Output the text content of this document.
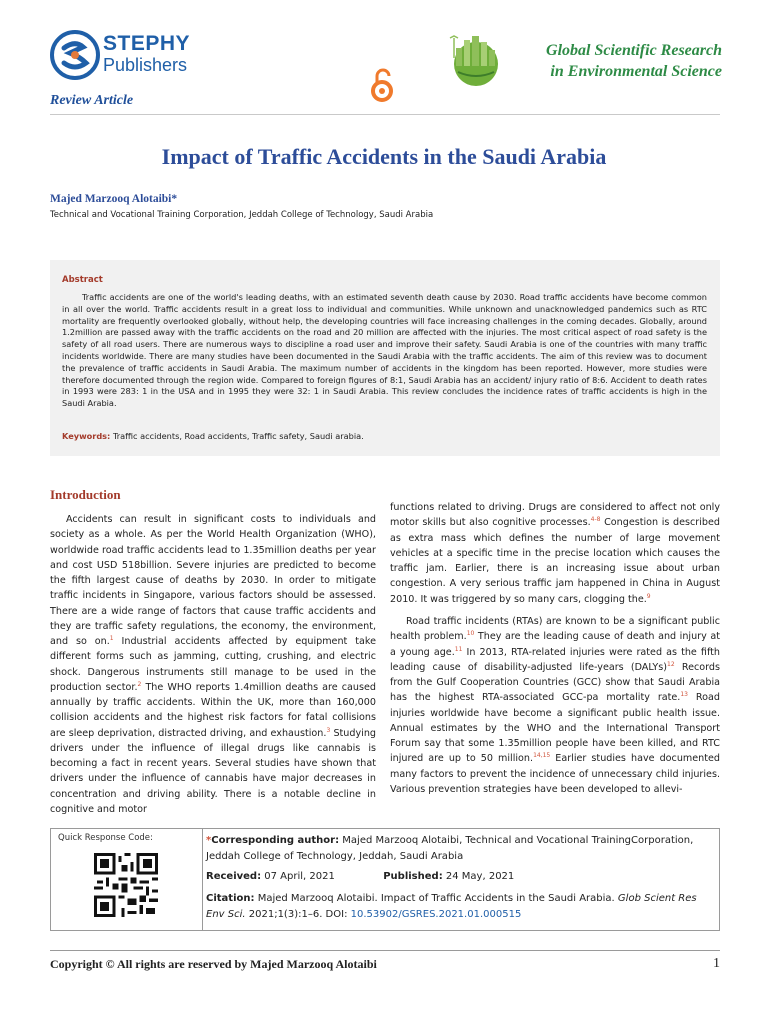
STEPHY
Publishers
Global Scientific Research
in Environmental Science
Review Article
Impact of Traffic Accidents in the Saudi Arabia
Majed Marzooq Alotaibi*
Technical and Vocational Training Corporation, Jeddah College of Technology, Saudi Arabia
Abstract
Traffic accidents are one of the world's leading deaths, with an estimated seventh death cause by 2030. Road traffic accidents have become common in all over the world. Traffic accidents result in a great loss to individual and communities. While unknown and unacknowledged pandemics such as RTC mortality are frequently overlooked globally, without help, the developing countries will face increasing challenges in the coming decades. Globally, around 1.2million are passed away with the traffic accidents on the road and 20 million are affected with the injuries. The most critical aspect of road safety is the safety of all road users. There are numerous ways to discipline a road user and improve their safety. Saudi Arabia is one of the countries with many traffic incidents worldwide. There are many studies have been documented in the Saudi Arabia with the traffic accidents. The aim of this review was to document the prevalence of traffic accidents in Saudi Arabia. The maximum number of accidents in the kingdom has been reported. However, more studies were therefore documented through the region wide. Compared to foreign figures of 8:1, Saudi Arabia has an accident/ injury ratio of 8:6. Accident to death rates in 1993 were 283: 1 in the USA and in 1995 they were 32: 1 in Saudi Arabia. This review concludes the incidence rates of traffic accidents is high in the Saudi Arabia.
Keywords: Traffic accidents, Road accidents, Traffic safety, Saudi arabia.
Introduction
Accidents can result in significant costs to individuals and society as a whole. As per the World Health Organization (WHO), worldwide road traffic accidents lead to 1.35million deaths per year and cost USD 518billion. Severe injuries are predicted to become the fifth largest cause of deaths by 2030. In order to mitigate traffic incidents in Singapore, various factors should be assessed. There are a wide range of factors that cause traffic accidents and they are traffic safety regulations, the economy, the environment, and so on.$^1$ Industrial accidents affected by equipment take different forms such as jamming, cutting, crushing, and electric shock. Dangerous instruments still manage to be used in the production sector.$^2$ The WHO reports 1.4million deaths are caused annually by traffic accidents. Within the UK, more than 160,000 collision accidents and the highest risk factors for fatal collisions are sleep deprivation, distracted driving, and exhaustion.$^3$ Studying drivers under the influence of illegal drugs like cannabis is becoming a fact in recent years. Several studies have shown that drivers under the influence of cannabis have major decreases in concentration and driving ability. There is a notable decline in cognitive and motor
functions related to driving. Drugs are considered to affect not only motor skills but also cognitive processes.$^{4-8}$ Congestion is described as extra mass which defines the number of large movement vehicles at a specific time in the precise location which causes the traffic jam. Earlier, there is an increasing issue about urban congestion. A very serious traffic jam happened in China in August 2010. It was triggered by so many cars, clogging the.$^9$
Road traffic incidents (RTAs) are known to be a significant public health problem.$^{10}$ They are the leading cause of death and injury at a young age.$^{11}$ In 2013, RTA-related injuries were rated as the fifth leading cause of disability-adjusted life-years (DALYs)$^{12}$ Records from the Gulf Cooperation Countries (GCC) show that Saudi Arabia has the highest RTA-associated GCC-pa mortality rate.$^{13}$ Road injuries worldwide have become a significant public health issue. Annual estimates by the WHO and the International Transport Forum say that some 1.35million people have been killed, and RTC injured are up to 50 million.$^{14,15}$ Earlier studies have documented many factors to prevent the incidence of unnecessary child injuries. Various prevention strategies have been developed to allevi-
Quick Response Code:	*Corresponding author: Majed Marzooq Alotaibi, Technical and Vocational TrainingCorporation, Jeddah College of Technology, Jeddah, Saudi Arabia
Received: 07 April, 2021	Published: 24 May, 2021
Citation: Majed Marzooq Alotaibi. Impact of Traffic Accidents in the Saudi Arabia. Glob Scient Res Env Sci. 2021;1(3):1–6. DOI: 10.53902/GSRES.2021.01.000515
Copyright © All rights are reserved by Majed Marzooq Alotaibi	1
